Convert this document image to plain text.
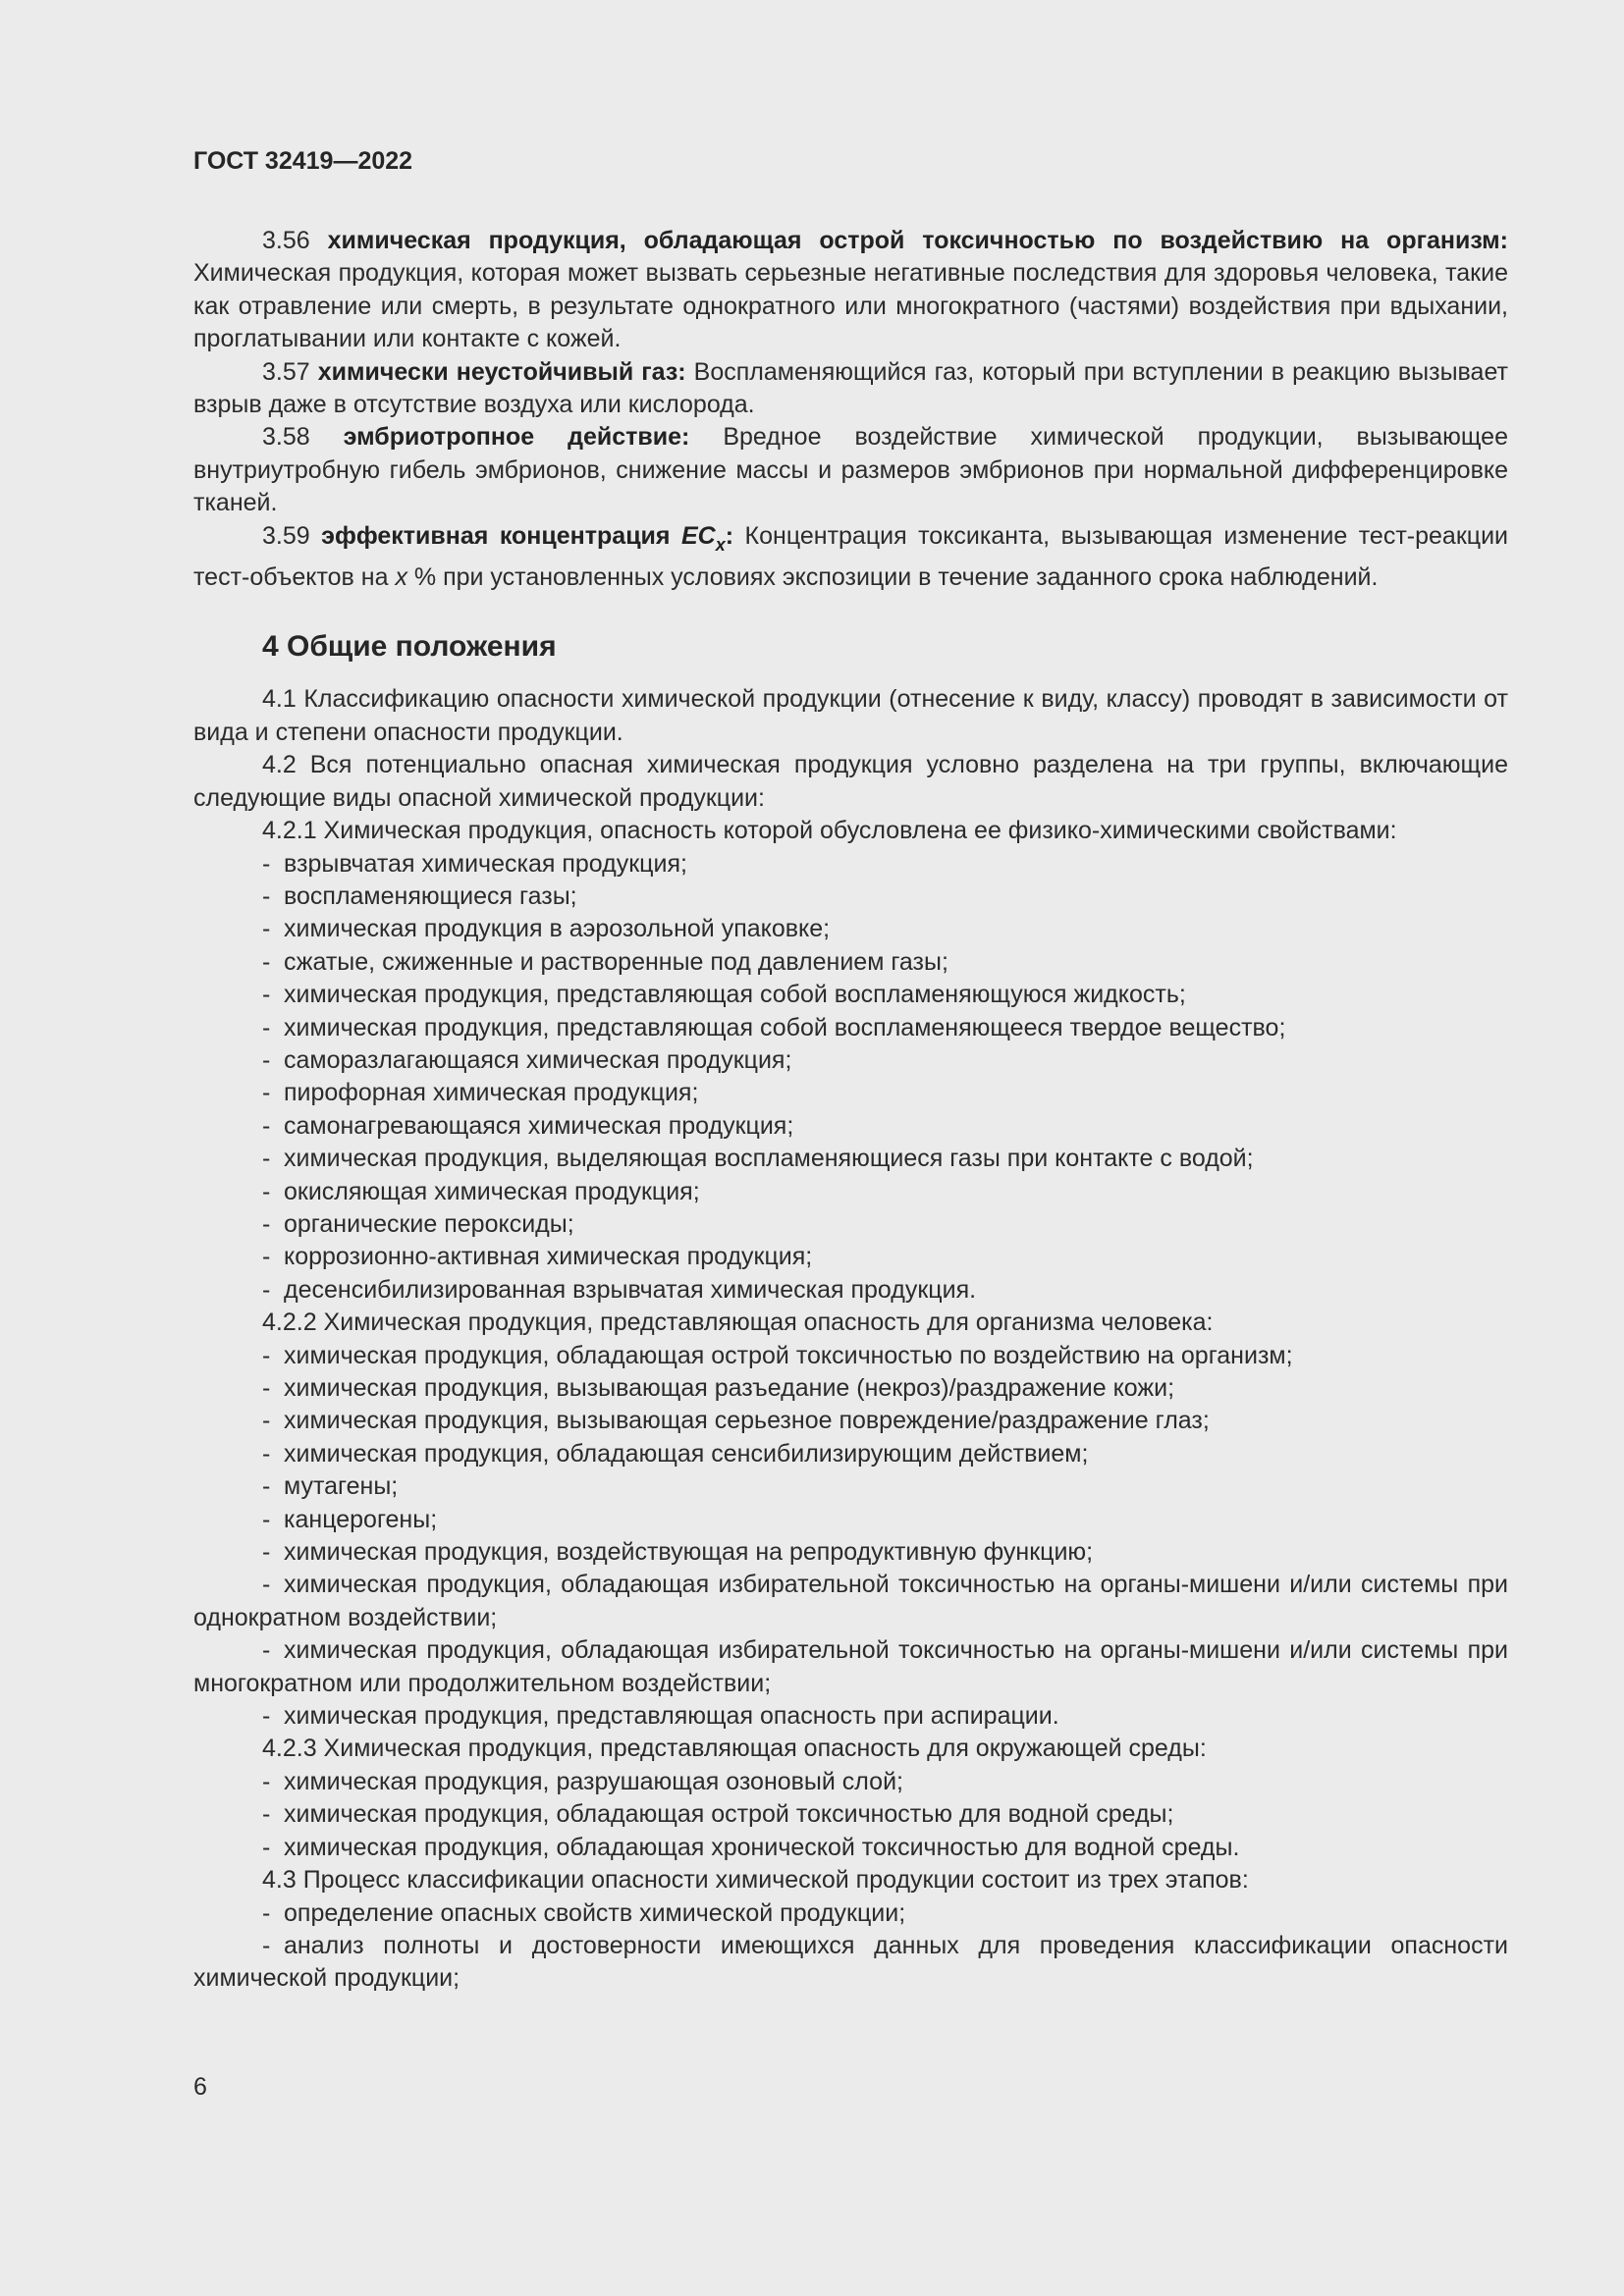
ГОСТ 32419—2022

3.56 химическая продукция, обладающая острой токсичностью по воздействию на организм: Химическая продукция, которая может вызвать серьезные негативные последствия для здоровья человека, такие как отравление или смерть, в результате однократного или многократного (частями) воздействия при вдыхании, проглатывании или контакте с кожей.

3.57 химически неустойчивый газ: Воспламеняющийся газ, который при вступлении в реакцию вызывает взрыв даже в отсутствие воздуха или кислорода.

3.58 эмбриотропное действие: Вредное воздействие химической продукции, вызывающее внутриутробную гибель эмбрионов, снижение массы и размеров эмбрионов при нормальной дифференцировке тканей.

3.59 эффективная концентрация $EC_x$: Концентрация токсиканта, вызывающая изменение тест-реакции тест-объектов на x % при установленных условиях экспозиции в течение заданного срока наблюдений.

4 Общие положения

4.1 Классификацию опасности химической продукции (отнесение к виду, классу) проводят в зависимости от вида и степени опасности продукции.

4.2 Вся потенциально опасная химическая продукция условно разделена на три группы, включающие следующие виды опасной химической продукции:

4.2.1 Химическая продукция, опасность которой обусловлена ее физико-химическими свойствами:

- взрывчатая химическая продукция;

- воспламеняющиеся газы;

- химическая продукция в аэрозольной упаковке;

- сжатые, сжиженные и растворенные под давлением газы;

- химическая продукция, представляющая собой воспламеняющуюся жидкость;

- химическая продукция, представляющая собой воспламеняющееся твердое вещество;

- саморазлагающаяся химическая продукция;

- пирофорная химическая продукция;

- самонагревающаяся химическая продукция;

- химическая продукция, выделяющая воспламеняющиеся газы при контакте с водой;

- окисляющая химическая продукция;

- органические пероксиды;

- коррозионно-активная химическая продукция;

- десенсибилизированная взрывчатая химическая продукция.

4.2.2 Химическая продукция, представляющая опасность для организма человека:

- химическая продукция, обладающая острой токсичностью по воздействию на организм;

- химическая продукция, вызывающая разъедание (некроз)/раздражение кожи;

- химическая продукция, вызывающая серьезное повреждение/раздражение глаз;

- химическая продукция, обладающая сенсибилизирующим действием;

- мутагены;

- канцерогены;

- химическая продукция, воздействующая на репродуктивную функцию;

- химическая продукция, обладающая избирательной токсичностью на органы-мишени и/или системы при однократном воздействии;

- химическая продукция, обладающая избирательной токсичностью на органы-мишени и/или системы при многократном или продолжительном воздействии;

- химическая продукция, представляющая опасность при аспирации.

4.2.3 Химическая продукция, представляющая опасность для окружающей среды:

- химическая продукция, разрушающая озоновый слой;

- химическая продукция, обладающая острой токсичностью для водной среды;

- химическая продукция, обладающая хронической токсичностью для водной среды.

4.3 Процесс классификации опасности химической продукции состоит из трех этапов:

- определение опасных свойств химической продукции;

- анализ полноты и достоверности имеющихся данных для проведения классификации опасности химической продукции;

6
